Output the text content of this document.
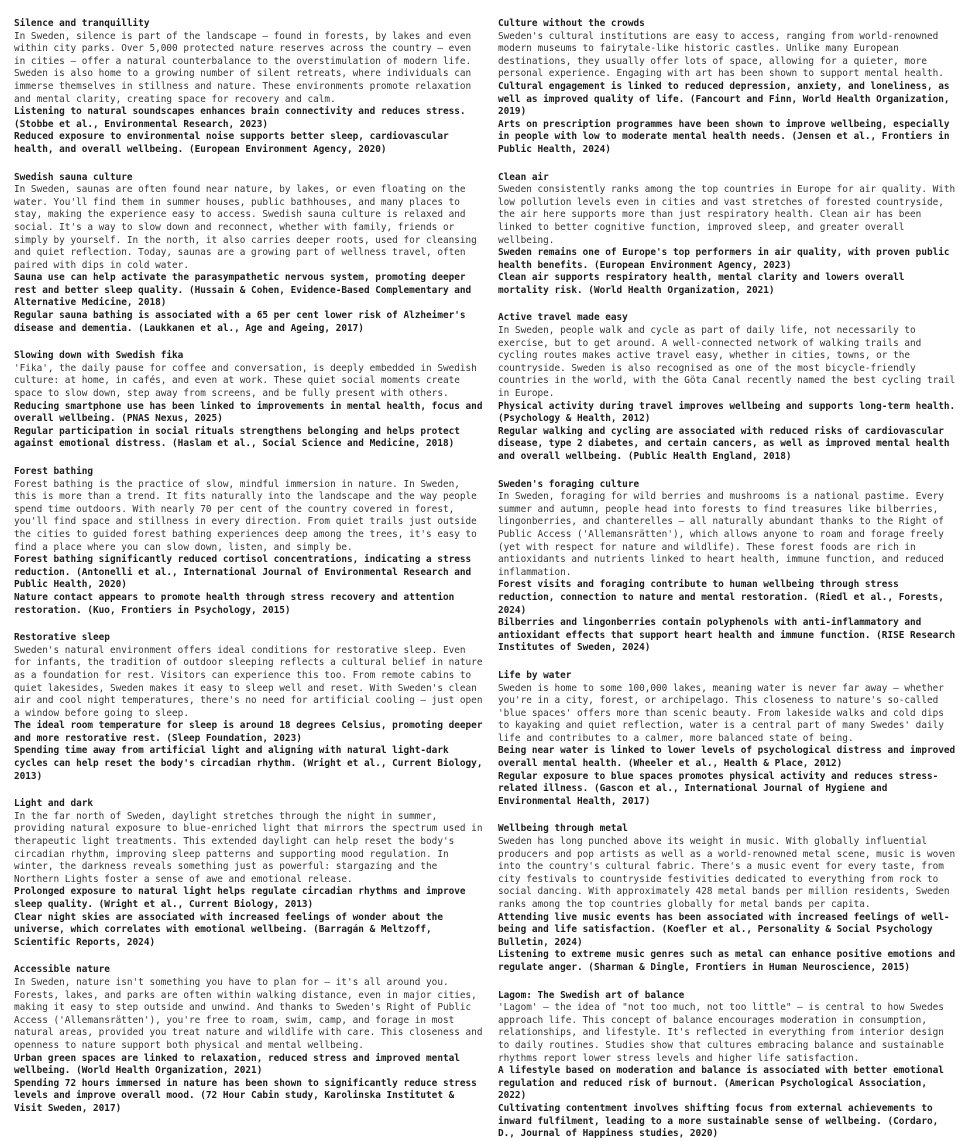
Silence and tranquillity

In Sweden, silence is part of the landscape – found in forests, by lakes and even within city parks. Over 5,000 protected nature reserves across the country – even in cities – offer a natural counterbalance to the overstimulation of modern life. Sweden is also home to a growing number of silent retreats, where individuals can immerse themselves in stillness and nature. These environments promote relaxation and mental clarity, creating space for recovery and calm.

Listening to natural soundscapes enhances brain connectivity and reduces stress. (Stobbe et al., Environmental Research, 2023)

Reduced exposure to environmental noise supports better sleep, cardiovascular health, and overall wellbeing. (European Environment Agency, 2020)

Swedish sauna culture

In Sweden, saunas are often found near nature, by lakes, or even floating on the water. You'll find them in summer houses, public bathhouses, and many places to stay, making the experience easy to access. Swedish sauna culture is relaxed and social. It's a way to slow down and reconnect, whether with family, friends or simply by yourself. In the north, it also carries deeper roots, used for cleansing and quiet reflection. Today, saunas are a growing part of wellness travel, often paired with dips in cold water.

Sauna use can help activate the parasympathetic nervous system, promoting deeper rest and better sleep quality. (Hussain & Cohen, Evidence-Based Complementary and Alternative Medicine, 2018)

Regular sauna bathing is associated with a 65 per cent lower risk of Alzheimer's disease and dementia. (Laukkanen et al., Age and Ageing, 2017)

Slowing down with Swedish fika

'Fika', the daily pause for coffee and conversation, is deeply embedded in Swedish culture: at home, in cafés, and even at work. These quiet social moments create space to slow down, step away from screens, and be fully present with others.

Reducing smartphone use has been linked to improvements in mental health, focus and overall wellbeing. (PNAS Nexus, 2025)

Regular participation in social rituals strengthens belonging and helps protect against emotional distress. (Haslam et al., Social Science and Medicine, 2018)

Forest bathing

Forest bathing is the practice of slow, mindful immersion in nature. In Sweden, this is more than a trend. It fits naturally into the landscape and the way people spend time outdoors. With nearly 70 per cent of the country covered in forest, you'll find space and stillness in every direction. From quiet trails just outside the cities to guided forest bathing experiences deep among the trees, it's easy to find a place where you can slow down, listen, and simply be.

Forest bathing significantly reduced cortisol concentrations, indicating a stress reduction. (Antonelli et al., International Journal of Environmental Research and Public Health, 2020)

Nature contact appears to promote health through stress recovery and attention restoration. (Kuo, Frontiers in Psychology, 2015)

Restorative sleep

Sweden's natural environment offers ideal conditions for restorative sleep. Even for infants, the tradition of outdoor sleeping reflects a cultural belief in nature as a foundation for rest. Visitors can experience this too. From remote cabins to quiet lakesides, Sweden makes it easy to sleep well and reset. With Sweden's clean air and cool night temperatures, there's no need for artificial cooling – just open a window before going to sleep.

The ideal room temperature for sleep is around 18 degrees Celsius, promoting deeper and more restorative rest. (Sleep Foundation, 2023)

Spending time away from artificial light and aligning with natural light-dark cycles can help reset the body's circadian rhythm. (Wright et al., Current Biology, 2013)

Light and dark

In the far north of Sweden, daylight stretches through the night in summer, providing natural exposure to blue-enriched light that mirrors the spectrum used in therapeutic light treatments. This extended daylight can help reset the body's circadian rhythm, improving sleep patterns and supporting mood regulation. In winter, the darkness reveals something just as powerful: stargazing and the Northern Lights foster a sense of awe and emotional release.

Prolonged exposure to natural light helps regulate circadian rhythms and improve sleep quality. (Wright et al., Current Biology, 2013)

Clear night skies are associated with increased feelings of wonder about the universe, which correlates with emotional wellbeing. (Barragán & Meltzoff, Scientific Reports, 2024)

Accessible nature

In Sweden, nature isn't something you have to plan for – it's all around you. Forests, lakes, and parks are often within walking distance, even in major cities, making it easy to step outside and unwind. And thanks to Sweden's Right of Public Access ('Allemansrätten'), you're free to roam, swim, camp, and forage in most natural areas, provided you treat nature and wildlife with care. This closeness and openness to nature support both physical and mental wellbeing.

Urban green spaces are linked to relaxation, reduced stress and improved mental wellbeing. (World Health Organization, 2021)

Spending 72 hours immersed in nature has been shown to significantly reduce stress levels and improve overall mood. (72 Hour Cabin study, Karolinska Institutet & Visit Sweden, 2017)

Culture without the crowds

Sweden's cultural institutions are easy to access, ranging from world-renowned modern museums to fairytale-like historic castles. Unlike many European destinations, they usually offer lots of space, allowing for a quieter, more personal experience. Engaging with art has been shown to support mental health.

Cultural engagement is linked to reduced depression, anxiety, and loneliness, as well as improved quality of life. (Fancourt and Finn, World Health Organization, 2019)

Arts on prescription programmes have been shown to improve wellbeing, especially in people with low to moderate mental health needs. (Jensen et al., Frontiers in Public Health, 2024)

Clean air

Sweden consistently ranks among the top countries in Europe for air quality. With low pollution levels even in cities and vast stretches of forested countryside, the air here supports more than just respiratory health. Clean air has been linked to better cognitive function, improved sleep, and greater overall wellbeing.

Sweden remains one of Europe's top performers in air quality, with proven public health benefits. (European Environment Agency, 2023)

Clean air supports respiratory health, mental clarity and lowers overall mortality risk. (World Health Organization, 2021)

Active travel made easy

In Sweden, people walk and cycle as part of daily life, not necessarily to exercise, but to get around. A well-connected network of walking trails and cycling routes makes active travel easy, whether in cities, towns, or the countryside. Sweden is also recognised as one of the most bicycle-friendly countries in the world, with the Göta Canal recently named the best cycling trail in Europe.

Physical activity during travel improves wellbeing and supports long-term health. (Psychology & Health, 2012)

Regular walking and cycling are associated with reduced risks of cardiovascular disease, type 2 diabetes, and certain cancers, as well as improved mental health and overall wellbeing. (Public Health England, 2018)

Sweden's foraging culture

In Sweden, foraging for wild berries and mushrooms is a national pastime. Every summer and autumn, people head into forests to find treasures like bilberries, lingonberries, and chanterelles – all naturally abundant thanks to the Right of Public Access ('Allemansrätten'), which allows anyone to roam and forage freely (yet with respect for nature and wildlife). These forest foods are rich in antioxidants and nutrients linked to heart health, immune function, and reduced inflammation.

Forest visits and foraging contribute to human wellbeing through stress reduction, connection to nature and mental restoration. (Riedl et al., Forests, 2024)

Bilberries and lingonberries contain polyphenols with anti-inflammatory and antioxidant effects that support heart health and immune function. (RISE Research Institutes of Sweden, 2024)

Life by water

Sweden is home to some 100,000 lakes, meaning water is never far away – whether you're in a city, forest, or archipelago. This closeness to nature's so-called 'blue spaces' offers more than scenic beauty. From lakeside walks and cold dips to kayaking and quiet reflection, water is a central part of many Swedes' daily life and contributes to a calmer, more balanced state of being.

Being near water is linked to lower levels of psychological distress and improved overall mental health. (Wheeler et al., Health & Place, 2012)

Regular exposure to blue spaces promotes physical activity and reduces stress-related illness. (Gascon et al., International Journal of Hygiene and Environmental Health, 2017)

Wellbeing through metal

Sweden has long punched above its weight in music. With globally influential producers and pop artists as well as a world-renowned metal scene, music is woven into the country's cultural fabric. There's a music event for every taste, from city festivals to countryside festivities dedicated to everything from rock to social dancing. With approximately 428 metal bands per million residents, Sweden ranks among the top countries globally for metal bands per capita.

Attending live music events has been associated with increased feelings of well-being and life satisfaction. (Koefler et al., Personality & Social Psychology Bulletin, 2024)

Listening to extreme music genres such as metal can enhance positive emotions and regulate anger. (Sharman & Dingle, Frontiers in Human Neuroscience, 2015)

Lagom: The Swedish art of balance

'Lagom' – the idea of "not too much, not too little" – is central to how Swedes approach life. This concept of balance encourages moderation in consumption, relationships, and lifestyle. It's reflected in everything from interior design to daily routines. Studies show that cultures embracing balance and sustainable rhythms report lower stress levels and higher life satisfaction.

A lifestyle based on moderation and balance is associated with better emotional regulation and reduced risk of burnout. (American Psychological Association, 2022)

Cultivating contentment involves shifting focus from external achievements to inward fulfilment, leading to a more sustainable sense of wellbeing. (Cordaro, D., Journal of Happiness studies, 2020)
